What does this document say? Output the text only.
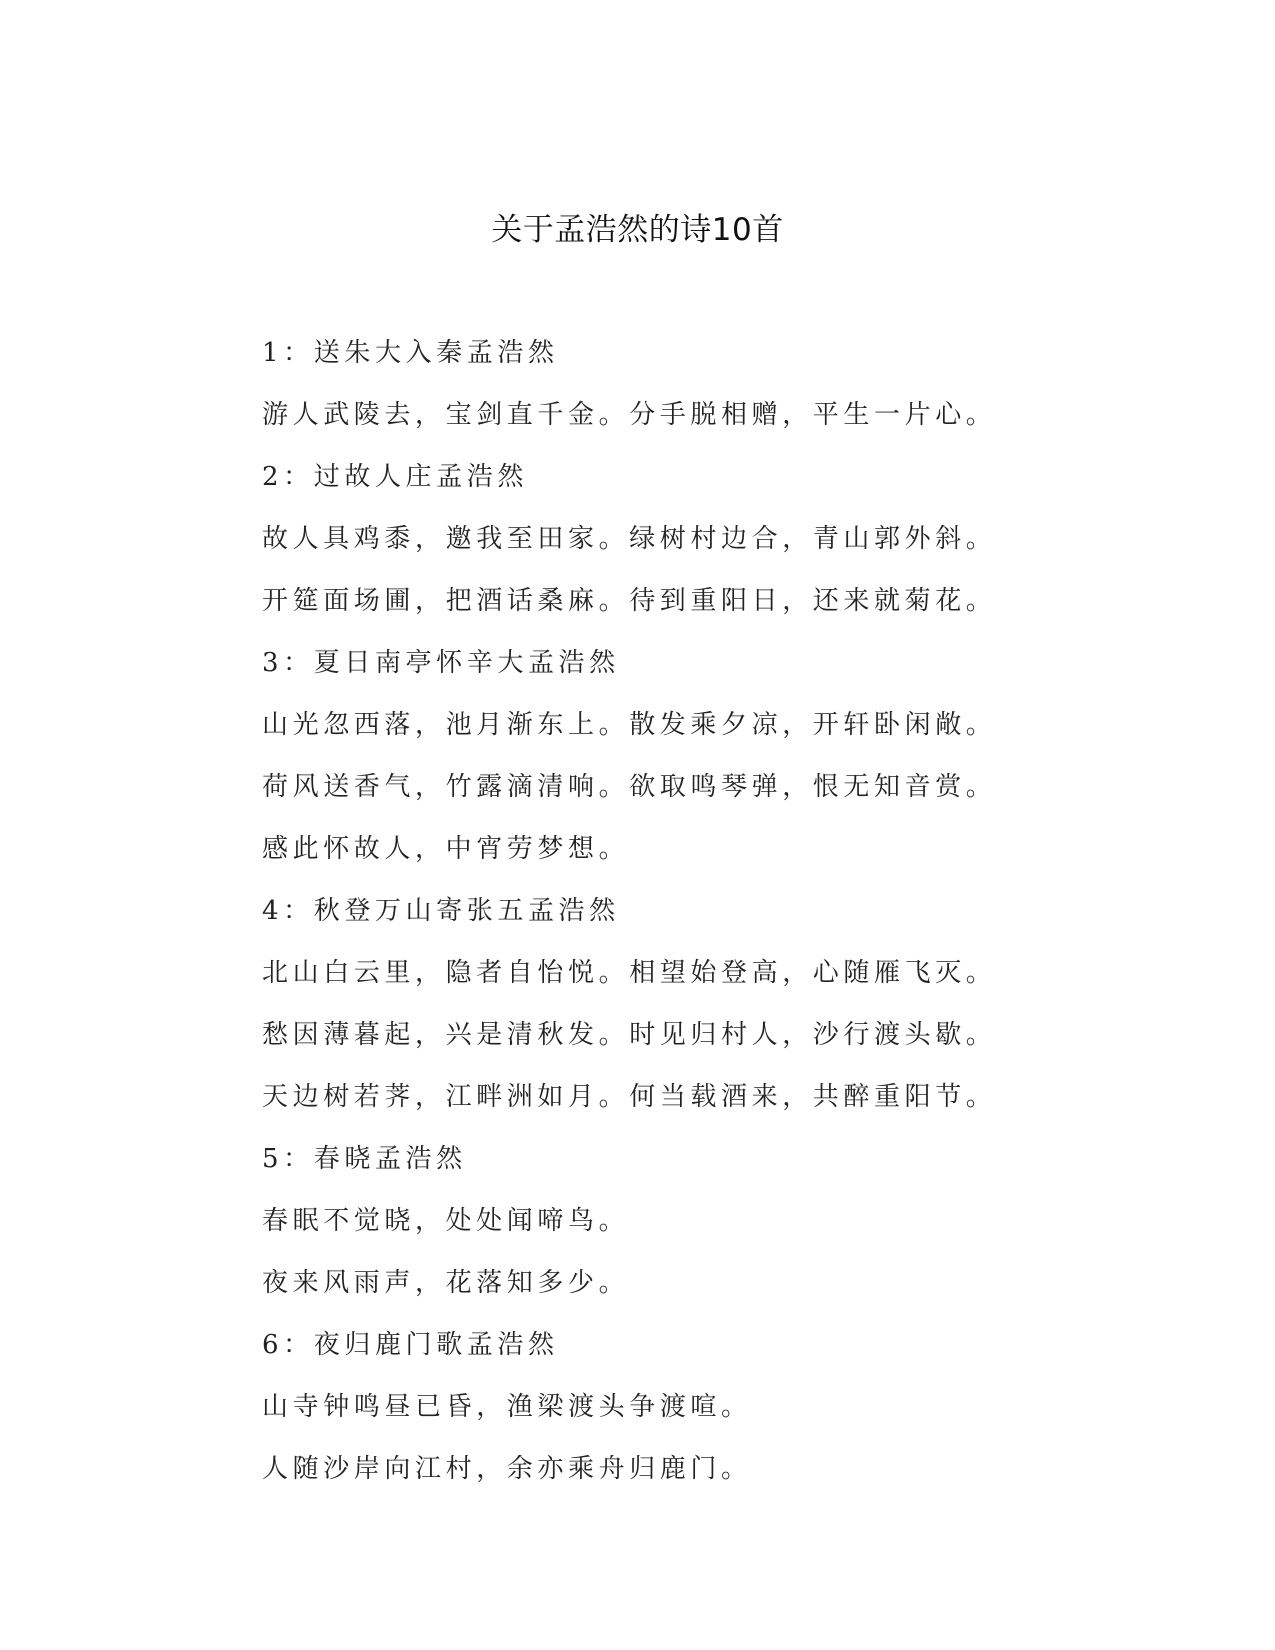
关于孟浩然的诗10首
1：送朱大入秦孟浩然
游人武陵去，宝剑直千金。分手脱相赠，平生一片心。
2：过故人庄孟浩然
故人具鸡黍，邀我至田家。绿树村边合，青山郭外斜。
开筵面场圃，把酒话桑麻。待到重阳日，还来就菊花。
3：夏日南亭怀辛大孟浩然
山光忽西落，池月渐东上。散发乘夕凉，开轩卧闲敞。
荷风送香气，竹露滴清响。欲取鸣琴弹，恨无知音赏。
感此怀故人，中宵劳梦想。
4：秋登万山寄张五孟浩然
北山白云里，隐者自怡悦。相望始登高，心随雁飞灭。
愁因薄暮起，兴是清秋发。时见归村人，沙行渡头歇。
天边树若荠，江畔洲如月。何当载酒来，共醉重阳节。
5：春晓孟浩然
春眠不觉晓，处处闻啼鸟。
夜来风雨声，花落知多少。
6：夜归鹿门歌孟浩然
山寺钟鸣昼已昏，渔梁渡头争渡喧。
人随沙岸向江村，余亦乘舟归鹿门。
